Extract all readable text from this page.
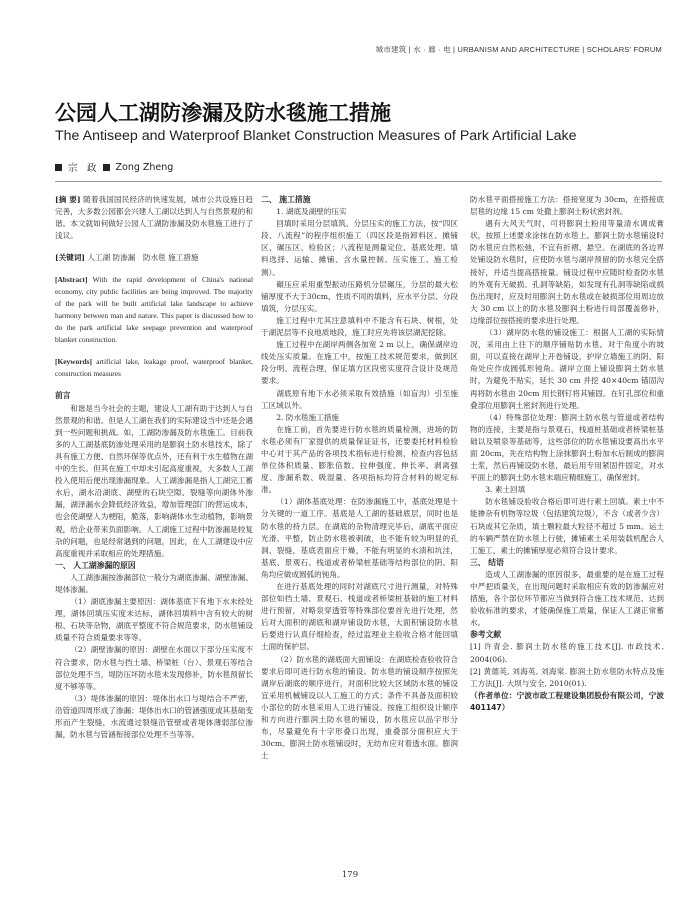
城市建筑 | 水 · 廊 · 电 | URBANISM AND ARCHITECTURE | SCHOLARS' FORUM
公园人工湖防渗漏及防水毯施工措施
The Antiseep and Waterproof Blanket Construction Measures of Park Artificial Lake
宗　政 Zong Zheng

[摘 要] 随着我国国民经济的快速发展，城市公共设施日趋完善，大多数公园都会兴建人工湖以达到人与自然景观的和谐。本文就如何做好公园人工湖防渗漏及防水毯施工进行了浅议。

[关键词] 人工湖 防渗漏　防水毯 施工措施

[Abstract] With the rapid development of China's national economy, city public facilities are being improved. The majority of the park will be built artificial lake landscape to achieve harmony between man and nature. This paper is discussed how to do the park artificial lake seepage prevention and waterproof blanket construction.

[Keywords] artificial lake, leakage proof, waterproof blanket, construction measures

前言

和谐是当今社会的主题，建设人工湖有助于达到人与自然景观的和谐。但是人工湖在我们的实际建设当中还是会遇到一些问题和挑战。如，工湖防渗漏及防水毯施工。目前我多的人工湖基底防渗处理采用的是膨润土防水毯技术，除了具有施工方便、自然环保等优点外，还有利于水生植物在湖中的生长。但其在施工中却未引起高度重视，大多数人工湖投入使用后便出现渗漏现象。人工湖渗漏是指人工湖完工蓄水后，湖水沿湖底、湖壁的石块空隙、裂缝等向湖体外渗漏，湖泽漏水会降低经济效益，增加管理部门的营运成本，也会使湖壁人为梗阻，脆落，影响湖体水生动植物，影响景观，给企业带来负面影响。人工湖施工过程中防渗漏是较复杂的问题，也是经常遇到的问题，因此，在人工湖建设中应高度重视并采取相应的处理措施。

一、 人工湖渗漏的原因

人工湖渗漏按渗漏部位一般分为湖底渗漏、湖壁渗漏、堤体渗漏。

（1）湖底渗漏主要原因：湖体基底下有地下水未经处理，湖体回填压实度未达标，湖体回填料中含有较大的树根、石块等杂物，湖底平整度不符合规范要求，防水毯铺设质量不符合质量要求等等。

（2）湖壁渗漏的原因：湖壁在水面以下部分压实度不符合要求，防水毯与挡土墙、桥梁桩（台）、景观石等结合部位处理不当，堤防压坏防水毯未发现修补，防水毯预留长度不够等等。

（3）堤体渗漏的原因：堤体出水口与堤结合不严密，沿管道四周形成了渗漏；堤体出水口的管涵强度或其基础变形而产生裂缝，水流通过裂缝沿管壁或者堤体薄弱部位渗漏，防水毯与管涵衔接部位处理不当等等。

二、 施工措施

1. 湖底及湖壁的压实

回填时采用分层填筑、分层压实的施工方法，按“四区段、八流程”的程序组织施工（四区段是指卸料区、摊铺区、碾压区、检验区；八流程是测量定位、基底处理、填料选择、运输、摊铺、含水量控制、压实施工、施工检测）。

碾压应采用重型振动压路机分层碾压，分层的最大松铺厚度不大于30cm，性质不同的填料，应水平分层、分段填筑，分层压实。

施工过程中尤其注意填料中不能含有石块、树根，处于湖泥层等不良地质地段，施工时应先将该层湖泥挖除。

施工过程中在湖岸两侧各加宽 2 m 以上，确保湖岸边线处压实质量。在施工中，按施工技术规范要求，做到区段分明、流程合理，保证填方区段密实度符合设计及规范要求。

湖底原有地下水必须采取有效措施（如盲沟）引至施工区域以外。

2. 防水毯施工措施

在施工前，首先要进行防水毯的质量检测，进场的防水毯必须有厂家提供的质量保证证书，还要委托材料检验中心对于其产品的各项技术指标进行检测，检查内容包括单位体积质量、膨胀倍数、拉伸强度、伸长率、剥离强度、渗漏系数、吸湿量、各项指标均符合材料的规定标准。

（1）湖体基底处理：在防渗漏施工中，基底处理是十分关键的一道工序。基底是人工湖的基础底层，同时也是防水毯的持力层。在湖底的杂物清理完毕后，湖底平面应光滑、平整，防止防水毯被刺破，也不能有较为明显的孔洞、裂缝，基底表面应干燥，不能有明显的水渍和坑洼，基底、景观石、栈道或者桥梁桩基础等结构部位的阴、阳角均应做成圆弧的钝角。

在进行基底处理的同时对湖底尺寸进行测量，对特殊部位如挡土墙、景观石、栈道或者桥梁桩基础的施工材料进行预留，对略泉穿透管等特殊部位要首先进行处理，然后对大面积的湖底和湖岸铺设防水毯，大面积铺设防水毯后要进行认真仔细检查，经过监理业主验收合格才能回填土面的保护层。

（2）防水毯的湖底面大面铺设：在湖底检查验收符合要求后即可进行防水毯的铺设。防水毯的铺设顺序按照先湖岸后湖底的顺序进行，对面积比较大区域防水毯的铺设宜采用机械铺设以人工施工的方式；条件不具备及面积较小部位的防水毯采用人工进行铺设。按施工组织设计顺序和方向进行膨润土防水毯的铺设，防水毯应以品字形分布，尽量避免有十字形叠口出现，重叠部分面积应大于 30cm。膨润土防水毯铺设时，无纺布应对着透水面。膨润土

防水毯平面搭接施工方法：搭接宽度为 30cm，在搭接底层毯的边缘 15 cm 处撒上膨润土粉状密封剂。

遇有大风天气时，可将膨润土粉用等量清水调成膏状，按照上述要求涂抹在防水毯上。膨润土防水毯铺设时防水毯应自然松弛，不宜有折褶、悬空。在湖底的各边界处铺设防水毯时，应使防水毯与湖岸预留的防水毯完全搭接好，并适当提高搭接量。铺设过程中应随时检查防水毯的外观有无破损、孔洞等缺陷，如发现有孔洞等缺陷或损伤出现时，应及时用膨润土防水毯或在破损部位用周边放大 30 cm 以上的防水毯及膨润土粉进行局部覆盖修补，边缘部位按搭接的要求进行处理。

（3）湖岸防水毯的铺设施工：根据人工湖的实际情况，采用由上往下的顺序铺贴防水毯。对于角度小的坡面，可以直接在湖岸上开卷铺设，护岸立墙施工的阴、阳角处应作成圆弧形钝角。湖岸立面上铺设膨润土防水毯时，为避免不贴实，延长 30 cm 并挖 40×40cm 锚固沟再将防水毯由 20cm 用长钢钉将其铺固。在钉孔部位和重叠部位用膨润土密封剂进行处理。

（4）特殊部位处理：膨润土防水毯与管道或者结构物的连接，主要是指与景观石，栈道桩基础或者桥梁桩基础以及喷泉等基础等，这些部位的防水毯铺设要高出水平面 20cm，先在结构物上涂抹膨润土粉加水后制成的膨润土浆，然后再铺设防水毯，最后用专用紧固件固定，对水平面上的膨润土防水毯末端应精细施工，确保密封。

3. 素土回填

防水毯铺设验收合格后即可进行素土回填。素土中不能掺杂有机物等垃圾（包括建筑垃圾），不含（或者少含）石块或其它杂质，填土颗粒最大粒径不超过 5 mm。运土的车辆严禁在防水毯上行驶，摊铺素土采用装载机配合人工施工，素土的摊铺厚度必须符合设计要求。

三、 结语

造成人工湖渗漏的原因很多，最重要的是在施工过程中严把质量关，在出现问题时采取相应有效的防渗漏应对措施，各个部位环节都应当做到符合施工技术规范、达到验收标准的要求，才能确保施工质量，保证人工湖正常蓄水。

参考文献

[1] 许青会. 膨润土防水毯的施工技术[J]. 市政技术, 2004(06).

[2] 黄德英, 刘海英, 刘海棠. 膨润土防水毯防水特点及施工方法[J]. 大坝与安全, 2010(01).

（作者单位：宁波市政工程建设集团股份有限公司，宁波 401147）

179
